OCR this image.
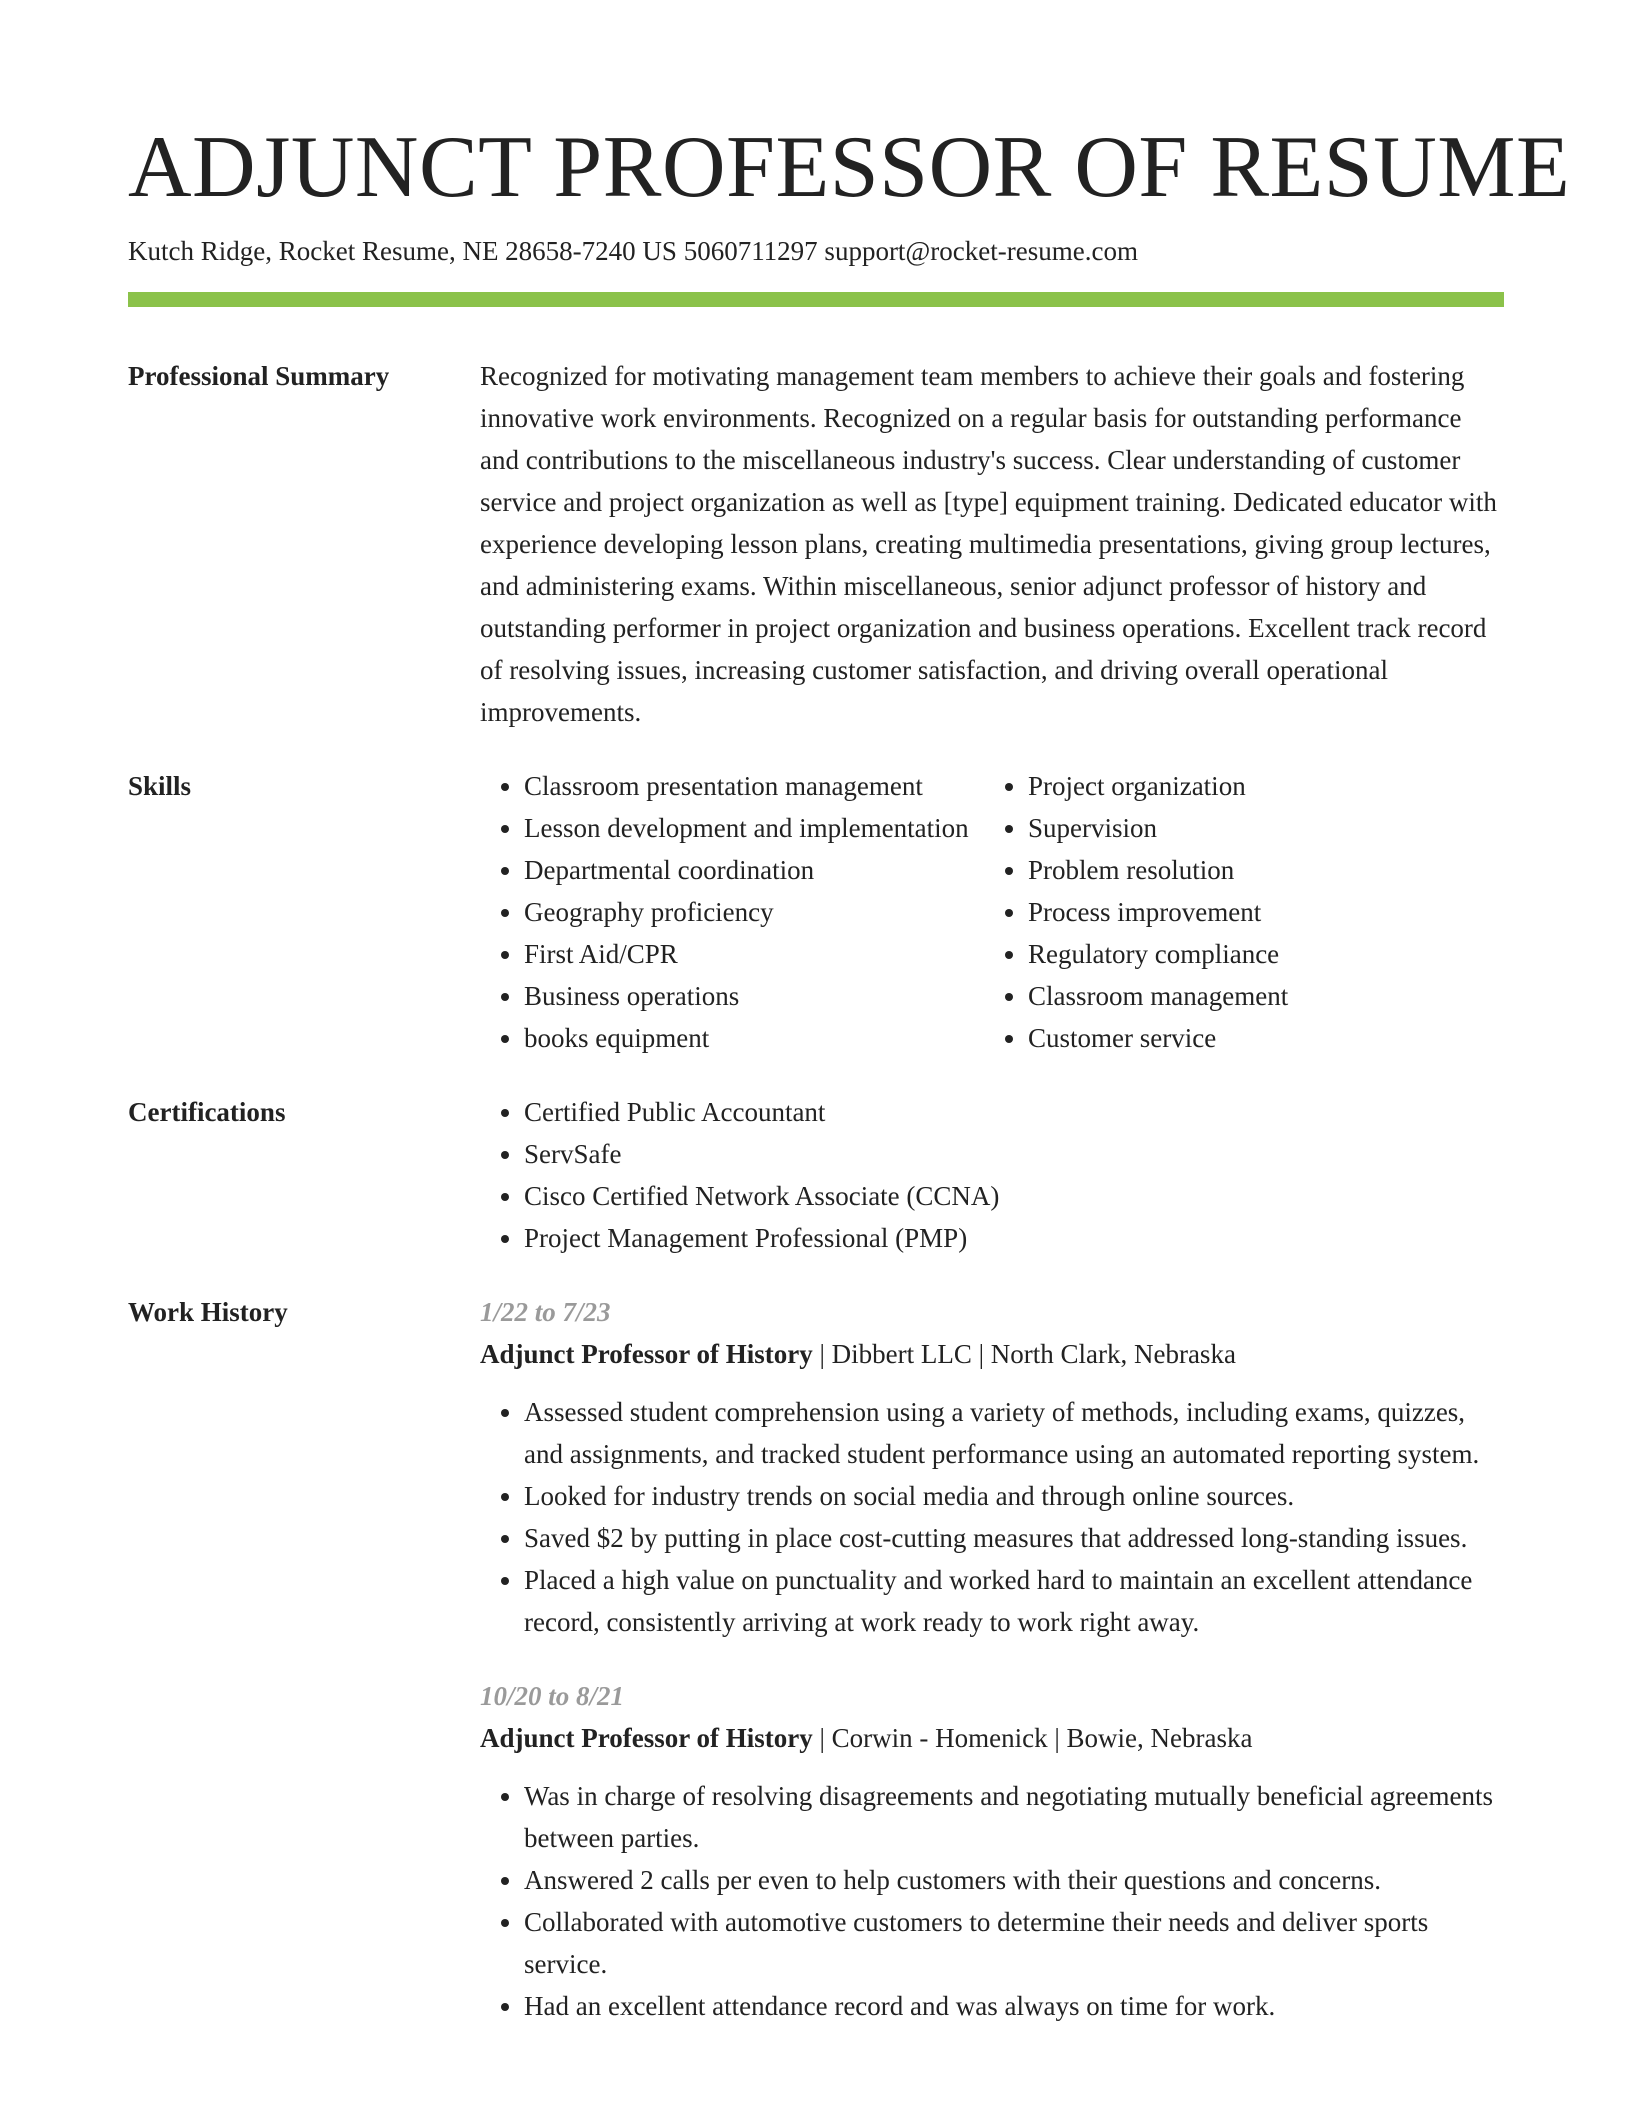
ADJUNCT PROFESSOR OF RESUME
Kutch Ridge, Rocket Resume, NE 28658-7240 US 5060711297 support@rocket-resume.com
Professional Summary	Recognized for motivating management team members to achieve their goals and fostering innovative work environments. Recognized on a regular basis for outstanding performance and contributions to the miscellaneous industry's success. Clear understanding of customer service and project organization as well as [type] equipment training. Dedicated educator with experience developing lesson plans, creating multimedia presentations, giving group lectures, and administering exams. Within miscellaneous, senior adjunct professor of history and outstanding performer in project organization and business operations. Excellent track record of resolving issues, increasing customer satisfaction, and driving overall operational improvements.

Skills	• Classroom presentation management
• Lesson development and implementation
• Departmental coordination
• Geography proficiency
• First Aid/CPR
• Business operations
• books equipment
• Project organization
• Supervision
• Problem resolution
• Process improvement
• Regulatory compliance
• Classroom management
• Customer service
Certifications	• Certified Public Accountant
• ServSafe
• Cisco Certified Network Associate (CCNA)
• Project Management Professional (PMP)
Work History	1/22 to 7/23
Adjunct Professor of History | Dibbert LLC | North Clark, Nebraska
• Assessed student comprehension using a variety of methods, including exams, quizzes, and assignments, and tracked student performance using an automated reporting system.
• Looked for industry trends on social media and through online sources.
• Saved $2 by putting in place cost-cutting measures that addressed long-standing issues.
• Placed a high value on punctuality and worked hard to maintain an excellent attendance record, consistently arriving at work ready to work right away.
10/20 to 8/21
Adjunct Professor of History | Corwin - Homenick | Bowie, Nebraska
• Was in charge of resolving disagreements and negotiating mutually beneficial agreements between parties.
• Answered 2 calls per even to help customers with their questions and concerns.
• Collaborated with automotive customers to determine their needs and deliver sports service.
• Had an excellent attendance record and was always on time for work.
